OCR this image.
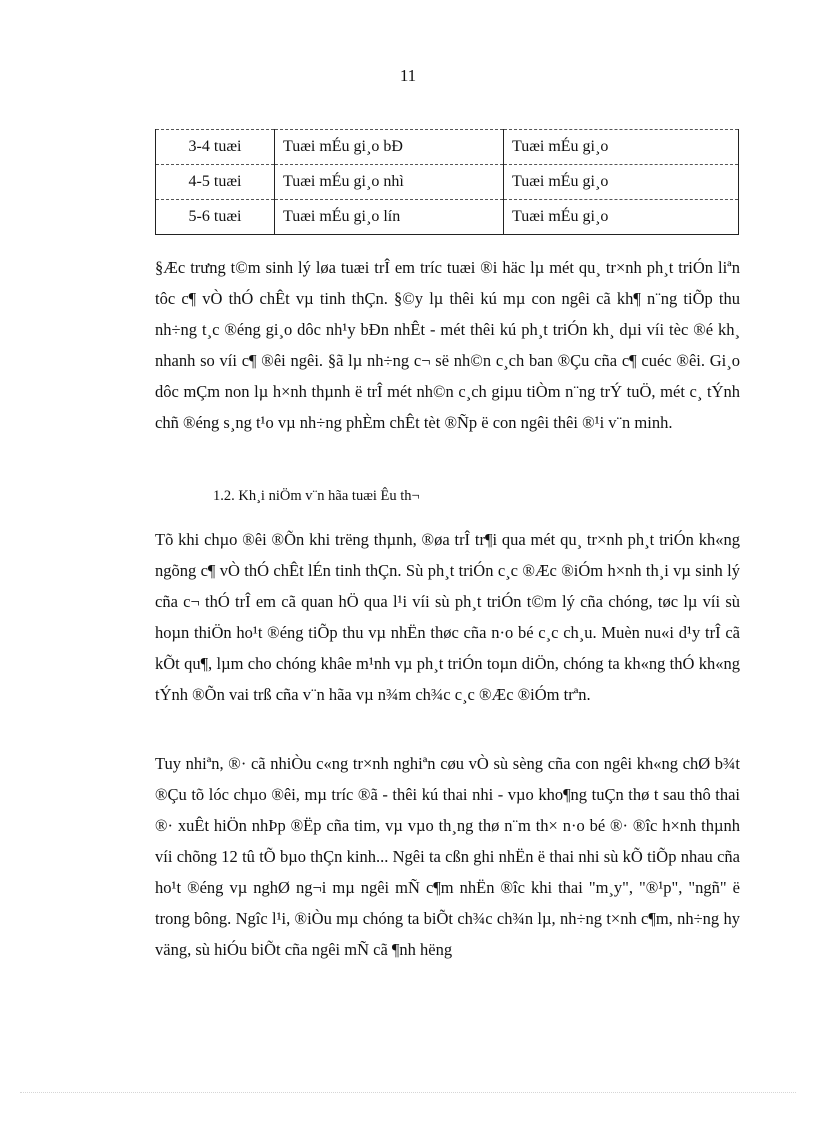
11
3-4 tuæi	Tuæi mÉu gi¸o bÐ	Tuæi mÉu gi¸o
4-5 tuæi	Tuæi mÉu gi¸o nhì	Tuæi mÉu gi¸o
5-6 tuæi	Tuæi mÉu gi¸o lín	Tuæi mÉu gi¸o

§Æc trưng t©m sinh lý løa tuæi trÎ em tríc tuæi ®i häc lµ mét qu¸ tr×nh ph¸t triÓn liªn tôc c¶ vÒ thÓ chÊt vµ tinh thÇn. §©y lµ thêi kú mµ con ngêi cã kh¶ n¨ng tiÕp thu nh÷ng t¸c ®éng gi¸o dôc nh¹y bÐn nhÊt - mét thêi kú ph¸t triÓn kh¸ dµi víi tèc ®é kh¸ nhanh so víi c¶ ®êi ngêi. §ã lµ nh÷ng c¬ së nh©n c¸ch ban ®Çu cña c¶ cuéc ®êi. Gi¸o dôc mÇm non lµ h×nh thµnh ë trÎ mét nh©n c¸ch giµu tiÒm n¨ng trÝ tuÖ, mét c¸ tÝnh chñ ®éng s¸ng t¹o vµ nh÷ng phÈm chÊt tèt ®Ñp ë con ngêi thêi ®¹i v¨n minh.

1.2. Kh¸i niÖm v¨n hãa tuæi Êu th¬

Tõ khi chµo ®êi ®Õn khi trëng thµnh, ®øa trÎ tr¶i qua mét qu¸ tr×nh ph¸t triÓn kh«ng ngõng c¶ vÒ thÓ chÊt lÉn tinh thÇn. Sù ph¸t triÓn c¸c ®Æc ®iÓm h×nh th¸i vµ sinh lý cña c¬ thÓ trÎ em cã quan hÖ qua l¹i víi sù ph¸t triÓn t©m lý cña chóng, tøc lµ víi sù hoµn thiÖn ho¹t ®éng tiÕp thu vµ nhËn thøc cña n·o bé c¸c ch¸u. Muèn nu«i d¹y trÎ cã kÕt qu¶, lµm cho chóng khâe m¹nh vµ ph¸t triÓn toµn diÖn, chóng ta kh«ng thÓ kh«ng tÝnh ®Õn vai trß cña v¨n hãa vµ n¾m ch¾c c¸c ®Æc ®iÓm trªn.

Tuy nhiªn, ®· cã nhiÒu c«ng tr×nh nghiªn cøu vÒ sù sèng cña con ngêi kh«ng chØ b¾t ®Çu tõ lóc chµo ®êi, mµ tríc ®ã - thêi kú thai nhi - vµo kho¶ng tuÇn thø t sau thô thai ®· xuÊt hiÖn nhÞp ®Ëp cña tim, vµ vµo th¸ng thø n¨m th× n·o bé ®· ®îc h×nh thµnh víi chõng 12 tû tÕ bµo thÇn kinh... Ngêi ta cßn ghi nhËn ë thai nhi sù kÕ tiÕp nhau cña ho¹t ®éng vµ nghØ ng¬i mµ ngêi mÑ c¶m nhËn ®îc khi thai "m¸y", "®¹p", "ngñ" ë trong bông. Ngîc l¹i, ®iÒu mµ chóng ta biÕt ch¾c ch¾n lµ, nh÷ng t×nh c¶m, nh÷ng hy väng, sù hiÓu biÕt cña ngêi mÑ cã ¶nh hëng
